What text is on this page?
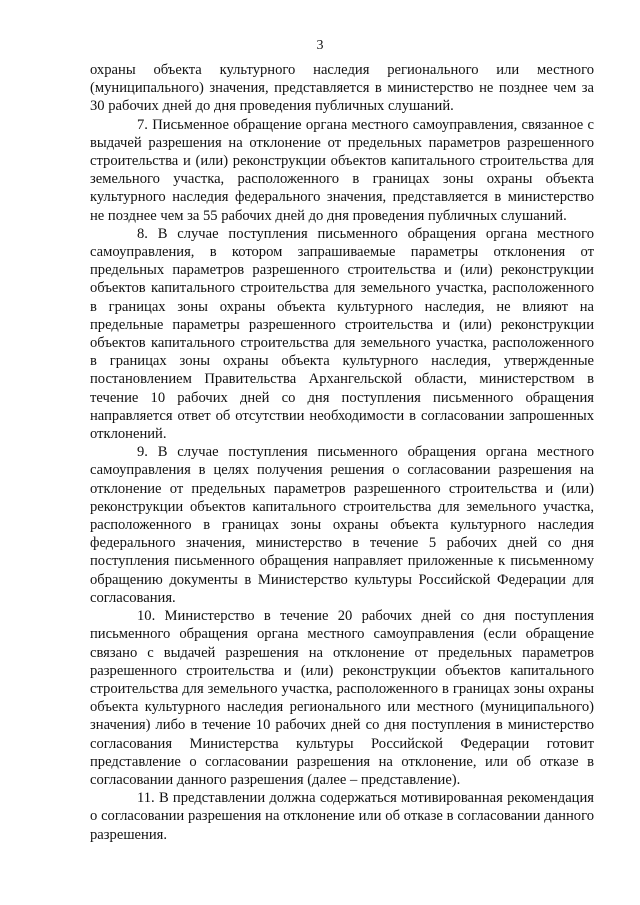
3

охраны объекта культурного наследия регионального или местного (муниципального) значения, представляется в министерство не позднее чем за 30 рабочих дней до дня проведения публичных слушаний.

7. Письменное обращение органа местного самоуправления, связанное с выдачей разрешения на отклонение от предельных параметров разрешенного строительства и (или) реконструкции объектов капитального строительства для земельного участка, расположенного в границах зоны охраны объекта культурного наследия федерального значения, представляется в министерство не позднее чем за 55 рабочих дней до дня проведения публичных слушаний.

8. В случае поступления письменного обращения органа местного самоуправления, в котором запрашиваемые параметры отклонения от предельных параметров разрешенного строительства и (или) реконструкции объектов капитального строительства для земельного участка, расположенного в границах зоны охраны объекта культурного наследия, не влияют на предельные параметры разрешенного строительства и (или) реконструкции объектов капитального строительства для земельного участка, расположенного в границах зоны охраны объекта культурного наследия, утвержденные постановлением Правительства Архангельской области, министерством в течение 10 рабочих дней со дня поступления письменного обращения направляется ответ об отсутствии необходимости в согласовании запрошенных отклонений.

9. В случае поступления письменного обращения органа местного самоуправления в целях получения решения о согласовании разрешения на отклонение от предельных параметров разрешенного строительства и (или) реконструкции объектов капитального строительства для земельного участка, расположенного в границах зоны охраны объекта культурного наследия федерального значения, министерство в течение 5 рабочих дней со дня поступления письменного обращения направляет приложенные к письменному обращению документы в Министерство культуры Российской Федерации для согласования.

10. Министерство в течение 20 рабочих дней со дня поступления письменного обращения органа местного самоуправления (если обращение связано с выдачей разрешения на отклонение от предельных параметров разрешенного строительства и (или) реконструкции объектов капитального строительства для земельного участка, расположенного в границах зоны охраны объекта культурного наследия регионального или местного (муниципального) значения) либо в течение 10 рабочих дней со дня поступления в министерство согласования Министерства культуры Российской Федерации готовит представление о согласовании разрешения на отклонение, или об отказе в согласовании данного разрешения (далее – представление).

11. В представлении должна содержаться мотивированная рекомендация о согласовании разрешения на отклонение или об отказе в согласовании данного разрешения.
